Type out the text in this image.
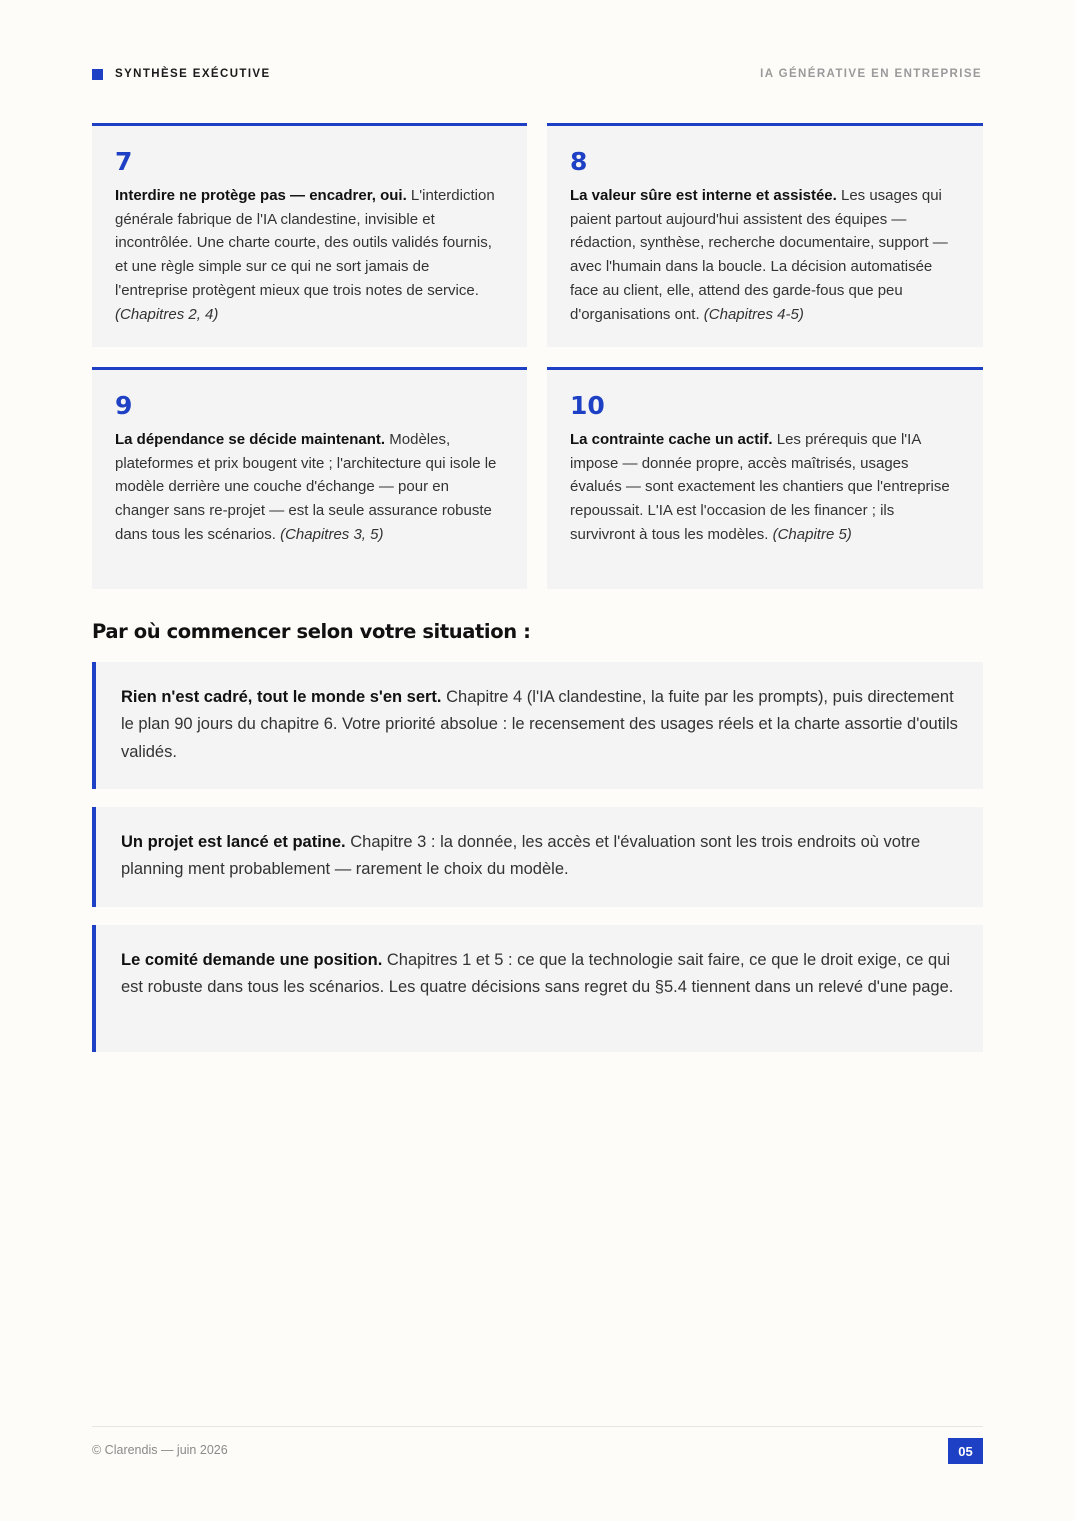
SYNTHÈSE EXÉCUTIVE	IA GÉNÉRATIVE EN ENTREPRISE
7

Interdire ne protège pas — encadrer, oui. L'interdiction générale fabrique de l'IA clandestine, invisible et incontrôlée. Une charte courte, des outils validés fournis, et une règle simple sur ce qui ne sort jamais de l'entreprise protègent mieux que trois notes de service. (Chapitres 2, 4)

8

La valeur sûre est interne et assistée. Les usages qui paient partout aujourd'hui assistent des équipes — rédaction, synthèse, recherche documentaire, support — avec l'humain dans la boucle. La décision automatisée face au client, elle, attend des garde-fous que peu d'organisations ont. (Chapitres 4-5)

9

La dépendance se décide maintenant. Modèles, plateformes et prix bougent vite ; l'architecture qui isole le modèle derrière une couche d'échange — pour en changer sans re-projet — est la seule assurance robuste dans tous les scénarios. (Chapitres 3, 5)

10

La contrainte cache un actif. Les prérequis que l'IA impose — donnée propre, accès maîtrisés, usages évalués — sont exactement les chantiers que l'entreprise repoussait. L'IA est l'occasion de les financer ; ils survivront à tous les modèles. (Chapitre 5)

Par où commencer selon votre situation :

Rien n'est cadré, tout le monde s'en sert. Chapitre 4 (l'IA clandestine, la fuite par les prompts), puis directement le plan 90 jours du chapitre 6. Votre priorité absolue : le recensement des usages réels et la charte assortie d'outils validés.

Un projet est lancé et patine. Chapitre 3 : la donnée, les accès et l'évaluation sont les trois endroits où votre planning ment probablement — rarement le choix du modèle.

Le comité demande une position. Chapitres 1 et 5 : ce que la technologie sait faire, ce que le droit exige, ce qui est robuste dans tous les scénarios. Les quatre décisions sans regret du §5.4 tiennent dans un relevé d'une page.

© Clarendis — juin 2026	05
